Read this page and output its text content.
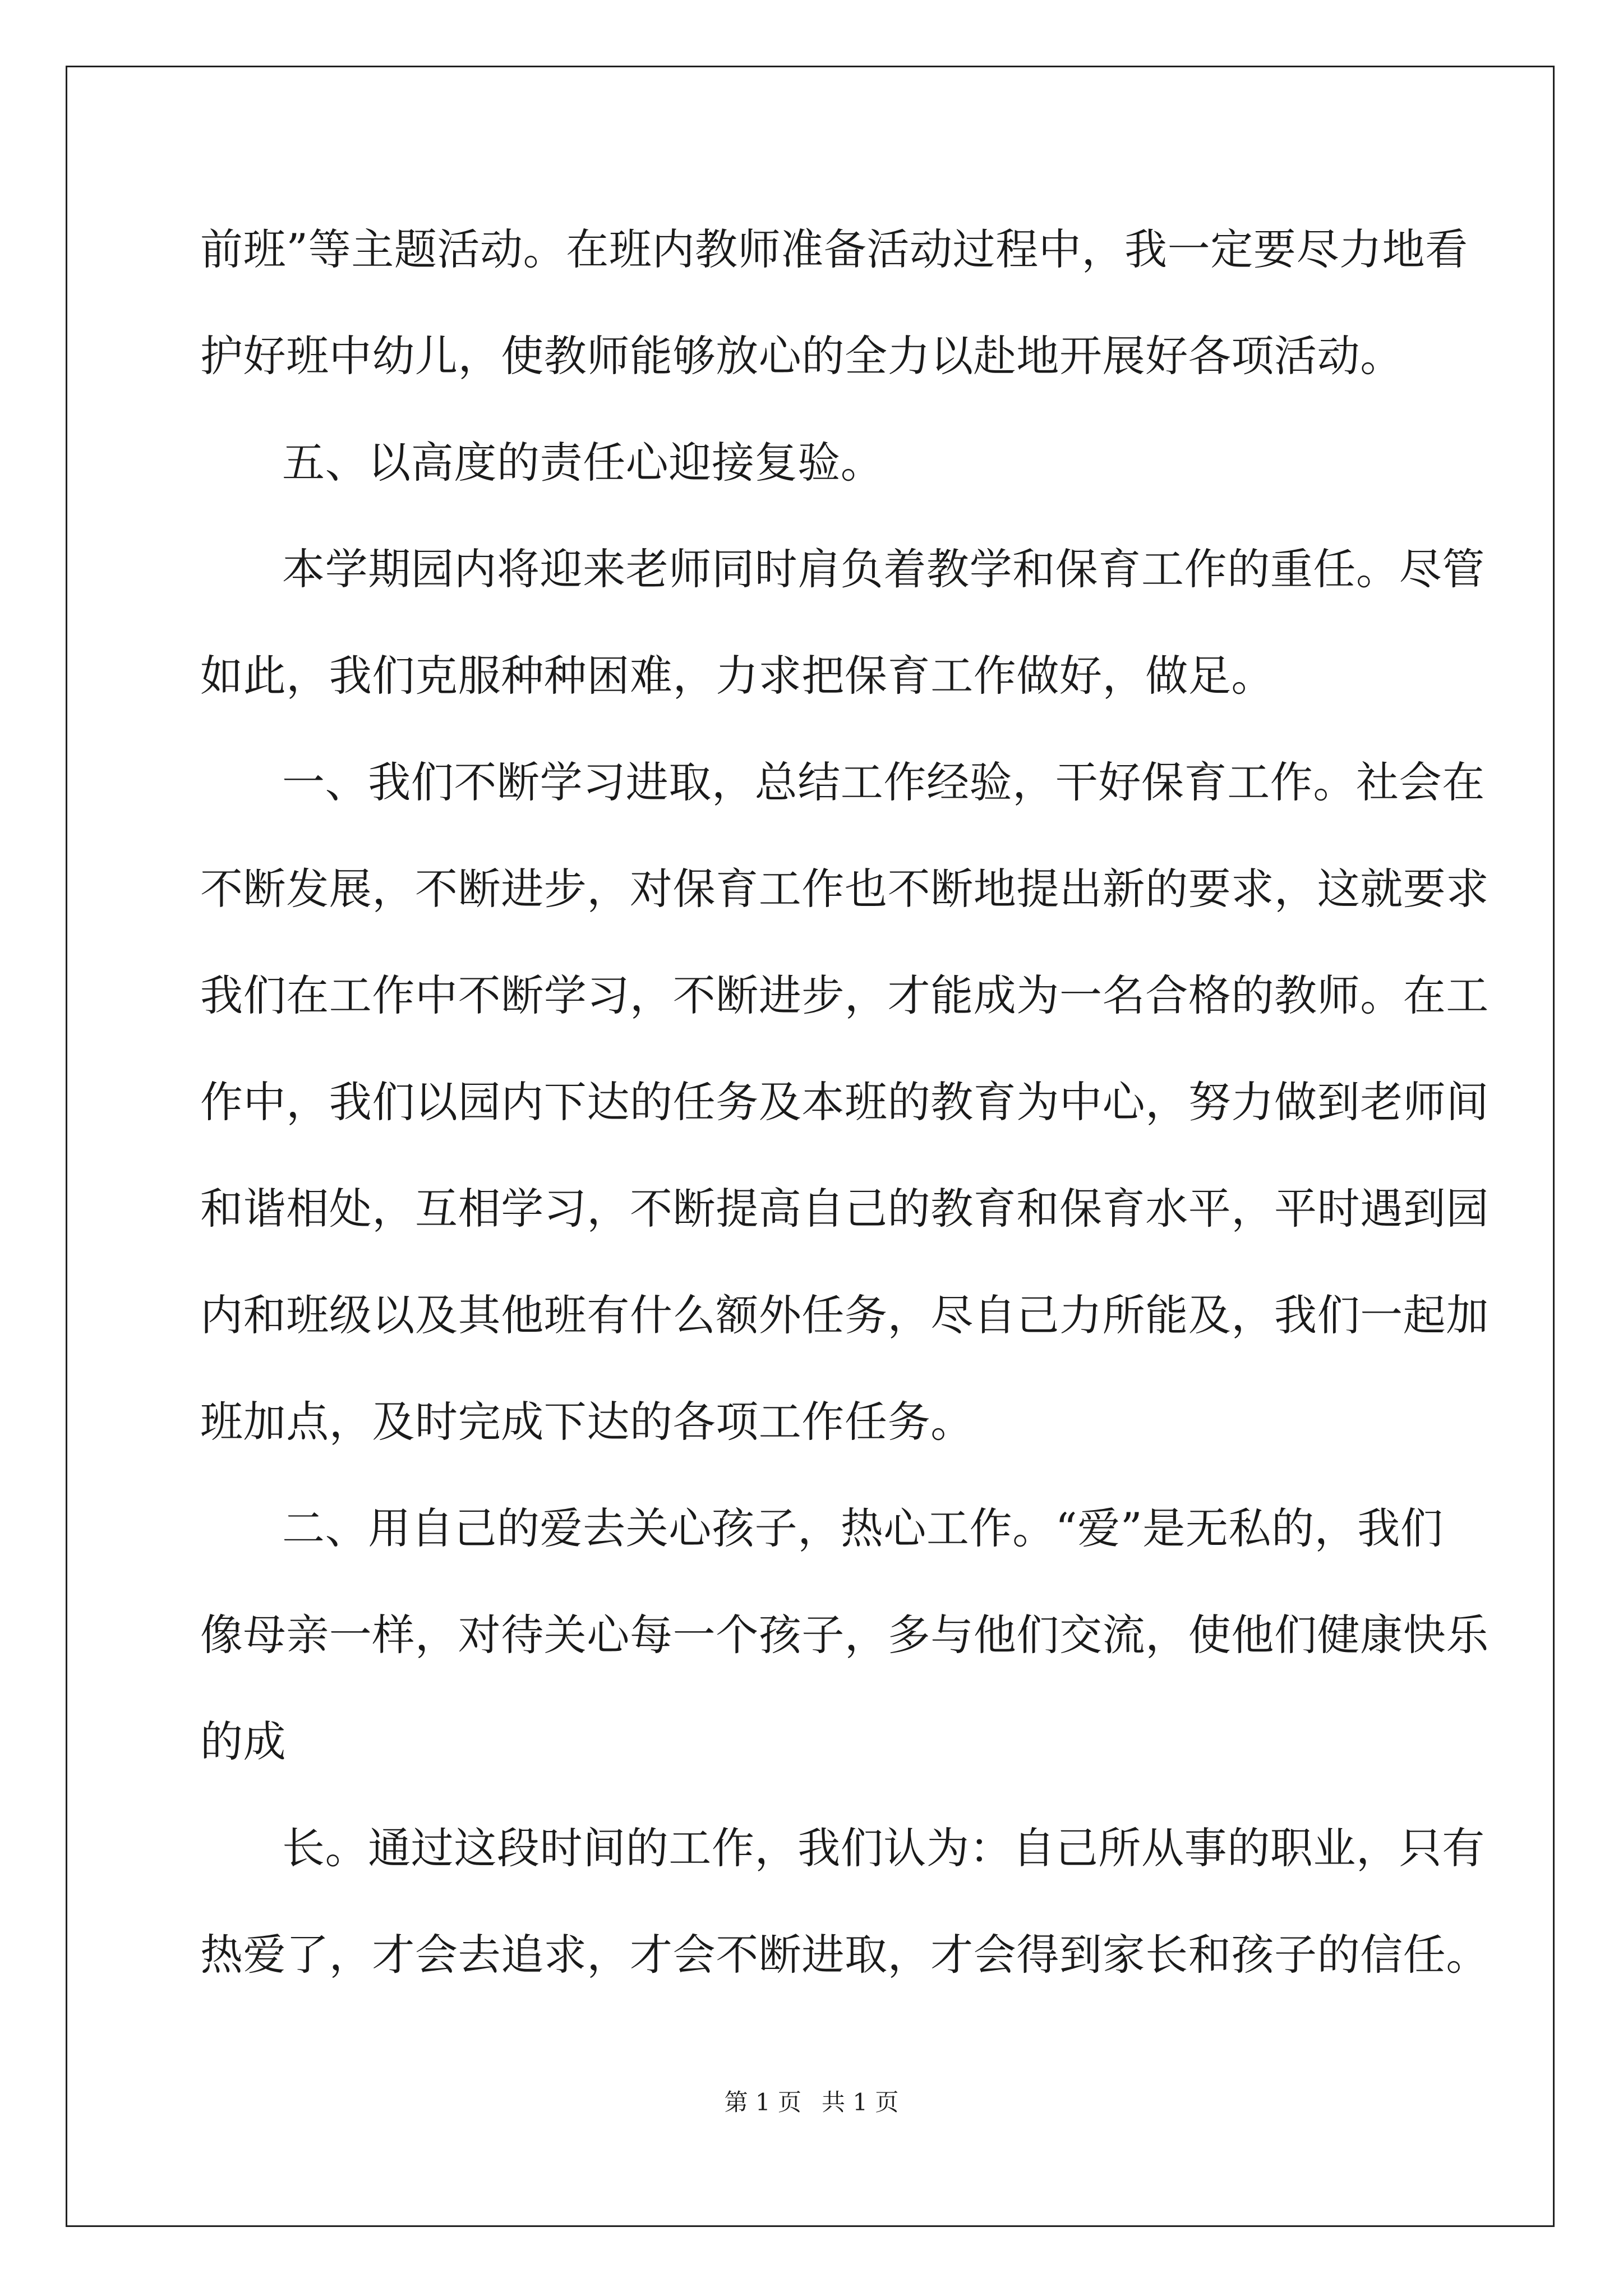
前班”等主题活动。在班内教师准备活动过程中，我一定要尽力地看
护好班中幼儿，使教师能够放心的全力以赴地开展好各项活动。
五、以高度的责任心迎接复验。
本学期园内将迎来老师同时肩负着教学和保育工作的重任。尽管
如此，我们克服种种困难，力求把保育工作做好，做足。
一、我们不断学习进取，总结工作经验，干好保育工作。社会在
不断发展，不断进步，对保育工作也不断地提出新的要求，这就要求
我们在工作中不断学习，不断进步，才能成为一名合格的教师。在工
作中，我们以园内下达的任务及本班的教育为中心，努力做到老师间
和谐相处，互相学习，不断提高自己的教育和保育水平，平时遇到园
内和班级以及其他班有什么额外任务，尽自己力所能及，我们一起加
班加点，及时完成下达的各项工作任务。
二、用自己的爱去关心孩子，热心工作。“爱”是无私的，我们
像母亲一样，对待关心每一个孩子，多与他们交流，使他们健康快乐
的成
长。通过这段时间的工作，我们认为：自己所从事的职业，只有
热爱了，才会去追求，才会不断进取，才会得到家长和孩子的信任。
第 1 页 共 1 页
